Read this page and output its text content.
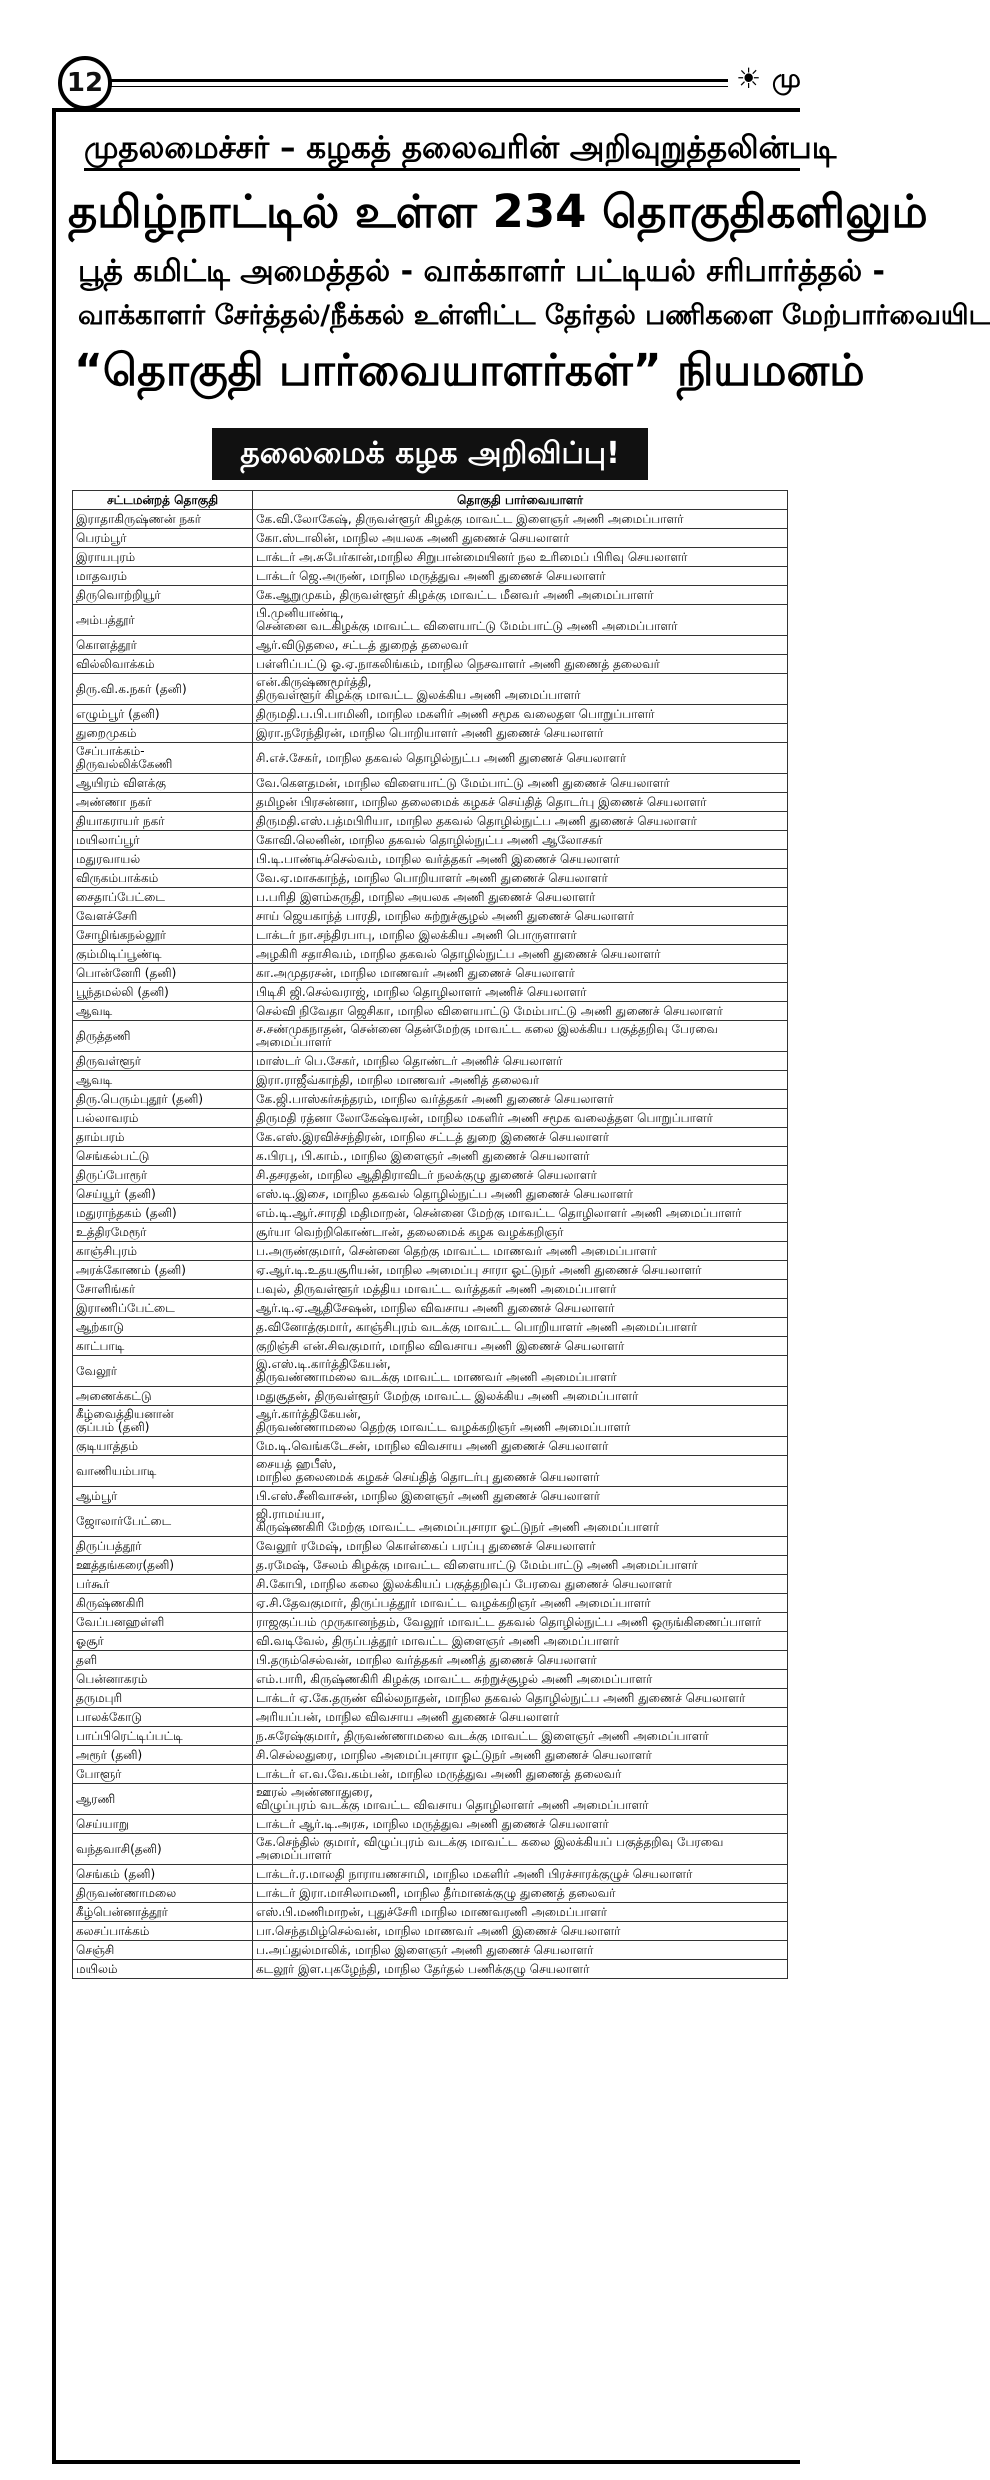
12	☀ மு
முதலமைச்சர் – கழகத் தலைவரின் அறிவுறுத்தலின்படி
தமிழ்நாட்டில் உள்ள 234 தொகுதிகளிலும்
பூத் கமிட்டி அமைத்தல் - வாக்காளர் பட்டியல் சரிபார்த்தல் -
வாக்காளர் சேர்த்தல்/நீக்கல் உள்ளிட்ட தேர்தல் பணிகளை மேற்பார்வையிட
“தொகுதி பார்வையாளர்கள்” நியமனம்
தலைமைக் கழக அறிவிப்பு!
சட்டமன்றத் தொகுதி	தொகுதி பார்வையாளர்
இராதாகிருஷ்ணன் நகர்	கே.வி.லோகேஷ், திருவள்ளூர் கிழக்கு மாவட்ட இளைஞர் அணி அமைப்பாளர்
பெரம்பூர்	கோ.ஸ்டாலின், மாநில அயலக அணி துணைச் செயலாளர்
இராயபுரம்	டாக்டர் அ.சுபேர்கான்,மாநில சிறுபான்மையினர் நல உரிமைப் பிரிவு செயலாளர்
மாதவரம்	டாக்டர் ஜெ.அருண், மாநில மருத்துவ அணி துணைச் செயலாளர்
திருவொற்றியூர்	கே.ஆறுமுகம், திருவள்ளூர் கிழக்கு மாவட்ட மீனவர் அணி அமைப்பாளர்
அம்பத்தூர்	பி.முனியாண்டி,
சென்னை வடகிழக்கு மாவட்ட விளையாட்டு மேம்பாட்டு அணி அமைப்பாளர்
கொளத்தூர்	ஆர்.விடுதலை, சட்டத் துறைத் தலைவர்
வில்லிவாக்கம்	பள்ளிப்பட்டு ஓ.ஏ.நாகலிங்கம், மாநில நெசவாளர் அணி துணைத் தலைவர்
திரு.வி.க.நகர் (தனி)	என்.கிருஷ்ணமூர்த்தி,
திருவள்ளூர் கிழக்கு மாவட்ட இலக்கிய அணி அமைப்பாளர்
எழும்பூர் (தனி)	திருமதி.ப.பி.பாமினி, மாநில மகளிர் அணி சமூக வலைதள பொறுப்பாளர்
துறைமுகம்	இரா.நரேந்திரன், மாநில பொறியாளர் அணி துணைச் செயலாளர்
சேப்பாக்கம்-
திருவல்லிக்கேணி	சி.எச்.சேகர், மாநில தகவல் தொழில்நுட்ப அணி துணைச் செயலாளர்
ஆயிரம் விளக்கு	வே.கௌதமன், மாநில விளையாட்டு மேம்பாட்டு அணி துணைச் செயலாளர்
அண்ணா நகர்	தமிழன் பிரசன்னா, மாநில தலைமைக் கழகச் செய்தித் தொடர்பு இணைச் செயலாளர்
தியாகராயர் நகர்	திருமதி.எஸ்.பத்மபிரியா, மாநில தகவல் தொழில்நுட்ப அணி துணைச் செயலாளர்
மயிலாப்பூர்	கோவி.லெனின், மாநில தகவல் தொழில்நுட்ப அணி ஆலோசகர்
மதுரவாயல்	பி.டி.பாண்டிச்செல்வம், மாநில வர்த்தகர் அணி இணைச் செயலாளர்
விருகம்பாக்கம்	வே.ஏ.மாசுகாந்த், மாநில பொறியாளர் அணி துணைச் செயலாளர்
சைதாப்பேட்டை	ப.பரிதி இளம்சுருதி, மாநில அயலக அணி துணைச் செயலாளர்
வேளச்சேரி	சாய் ஜெயகாந்த் பாரதி, மாநில சுற்றுச்சூழல் அணி துணைச் செயலாளர்
சோழிங்கநல்லூர்	டாக்டர் நா.சந்திரபாபு, மாநில இலக்கிய அணி பொருளாளர்
கும்மிடிப்பூண்டி	அழகிரி சதாசிவம், மாநில தகவல் தொழில்நுட்ப அணி துணைச் செயலாளர்
பொன்னேரி (தனி)	கா.அமுதரசன், மாநில மாணவர் அணி துணைச் செயலாளர்
பூந்தமல்லி (தனி)	பிடிசி ஜி.செல்வராஜ், மாநில தொழிலாளர் அணிச் செயலாளர்
ஆவடி	செல்வி நிவேதா ஜெசிகா, மாநில விளையாட்டு மேம்பாட்டு அணி துணைச் செயலாளர்
திருத்தணி	ச.சண்முகநாதன், சென்னை தென்மேற்கு மாவட்ட கலை இலக்கிய பகுத்தறிவு பேரவை அமைப்பாளர்
திருவள்ளூர்	மாஸ்டர் பெ.சேகர், மாநில தொண்டர் அணிச் செயலாளர்
ஆவடி	இரா.ராஜீவ்காந்தி, மாநில மாணவர் அணித் தலைவர்
திரு.பெரும்புதூர் (தனி)	கே.ஜி.பாஸ்கர்சுந்தரம், மாநில வர்த்தகர் அணி துணைச் செயலாளர்
பல்லாவரம்	திருமதி ரத்னா லோகேஷ்வரன், மாநில மகளிர் அணி சமூக வலைத்தள பொறுப்பாளர்
தாம்பரம்	கே.எஸ்.இரவிச்சந்திரன், மாநில சட்டத் துறை இணைச் செயலாளர்
செங்கல்பட்டு	க.பிரபு, பி.காம்., மாநில இளைஞர் அணி துணைச் செயலாளர்
திருப்போரூர்	சி.தசரதன், மாநில ஆதிதிராவிடர் நலக்குழு துணைச் செயலாளர்
செய்யூர் (தனி)	எஸ்.டி.இசை, மாநில தகவல் தொழில்நுட்ப அணி துணைச் செயலாளர்
மதுராந்தகம் (தனி)	எம்.டி.ஆர்.சாரதி மதிமாறன், சென்னை மேற்கு மாவட்ட தொழிலாளர் அணி அமைப்பாளர்
உத்திரமேரூர்	சூர்யா வெற்றிகொண்டான், தலைமைக் கழக வழக்கறிஞர்
காஞ்சிபுரம்	ப.அருண்குமார், சென்னை தெற்கு மாவட்ட மாணவர் அணி அமைப்பாளர்
அரக்கோணம் (தனி)	ஏ.ஆர்.டி.உதயசூரியன், மாநில அமைப்பு சாரா ஓட்டுநர் அணி துணைச் செயலாளர்
சோளிங்கர்	பவுல், திருவள்ளூர் மத்திய மாவட்ட வர்த்தகர் அணி அமைப்பாளர்
இராணிப்பேட்டை	ஆர்.டி.ஏ.ஆதிசேஷன், மாநில விவசாய அணி துணைச் செயலாளர்
ஆற்காடு	த.வினோத்குமார், காஞ்சிபுரம் வடக்கு மாவட்ட பொறியாளர் அணி அமைப்பாளர்
காட்பாடி	குறிஞ்சி என்.சிவகுமார், மாநில விவசாய அணி இணைச் செயலாளர்
வேலூர்	இ.எஸ்.டி.கார்த்திகேயன்,
திருவண்ணாமலை வடக்கு மாவட்ட மாணவர் அணி அமைப்பாளர்
அணைக்கட்டு	மதுசூதன், திருவள்ளூர் மேற்கு மாவட்ட இலக்கிய அணி அமைப்பாளர்
கீழ்வைத்தியனான்
குப்பம் (தனி)	ஆர்.கார்த்திகேயன்,
திருவண்ணாமலை தெற்கு மாவட்ட வழக்கறிஞர் அணி அமைப்பாளர்
குடியாத்தம்	மே.டி.வெங்கடேசன், மாநில விவசாய அணி துணைச் செயலாளர்
வாணியம்பாடி	சையத் ஹபீஸ்,
மாநில தலைமைக் கழகச் செய்தித் தொடர்பு துணைச் செயலாளர்
ஆம்பூர்	பி.எஸ்.சீனிவாசன், மாநில இளைஞர் அணி துணைச் செயலாளர்
ஜோலார்பேட்டை	ஜி.ராமய்யா,
கிருஷ்ணகிரி மேற்கு மாவட்ட அமைப்புசாரா ஓட்டுநர் அணி அமைப்பாளர்
திருப்பத்தூர்	வேலூர் ரமேஷ், மாநில கொள்கைப் பரப்பு துணைச் செயலாளர்
ஊத்தங்கரை(தனி)	த.ரமேஷ், சேலம் கிழக்கு மாவட்ட விளையாட்டு மேம்பாட்டு அணி அமைப்பாளர்
பர்கூர்	சி.கோபி, மாநில கலை இலக்கியப் பகுத்தறிவுப் பேரவை துணைச் செயலாளர்
கிருஷ்ணகிரி	ஏ.சி.தேவகுமார், திருப்பத்தூர் மாவட்ட வழக்கறிஞர் அணி அமைப்பாளர்
வேப்பனஹள்ளி	ராஜகுப்பம் முருகானந்தம், வேலூர் மாவட்ட தகவல் தொழில்நுட்ப அணி ஒருங்கிணைப்பாளர்
ஓசூர்	வி.வடிவேல், திருப்பத்தூர் மாவட்ட இளைஞர் அணி அமைப்பாளர்
தளி	பி.தரும்செல்வன், மாநில வர்த்தகர் அணித் துணைச் செயலாளர்
பென்னாகரம்	எம்.பாரி, கிருஷ்ணகிரி கிழக்கு மாவட்ட சுற்றுச்சூழல் அணி அமைப்பாளர்
தருமபுரி	டாக்டர் ஏ.கே.தருண் வில்லநாதன், மாநில தகவல் தொழில்நுட்ப அணி துணைச் செயலாளர்
பாலக்கோடு	அரியப்பன், மாநில விவசாய அணி துணைச் செயலாளர்
பாப்பிரெட்டிப்பட்டி	ந.சுரேஷ்குமார், திருவண்ணாமலை வடக்கு மாவட்ட இளைஞர் அணி அமைப்பாளர்
அரூர் (தனி)	சி.செல்லதுரை, மாநில அமைப்புசாரா ஓட்டுநர் அணி துணைச் செயலாளர்
போளூர்	டாக்டர் எ.வ.வே.கம்பன், மாநில மருத்துவ அணி துணைத் தலைவர்
ஆரணி	ஊரல் அண்ணாதுரை,
விழுப்புரம் வடக்கு மாவட்ட விவசாய தொழிலாளர் அணி அமைப்பாளர்
செய்யாறு	டாக்டர் ஆர்.டி.அரசு, மாநில மருத்துவ அணி துணைச் செயலாளர்
வந்தவாசி(தனி)	கே.செந்தில் குமார், விழுப்புரம் வடக்கு மாவட்ட கலை இலக்கியப் பகுத்தறிவு பேரவை அமைப்பாளர்
செங்கம் (தனி)	டாக்டர்.ர.மாலதி நாராயணசாமி, மாநில மகளிர் அணி பிரச்சாரக்குழுச் செயலாளர்
திருவண்ணாமலை	டாக்டர் இரா.மாசிலாமணி, மாநில தீர்மானக்குழு துணைத் தலைவர்
கீழ்பென்னாத்தூர்	எஸ்.பி.மணிமாறன், புதுச்சேரி மாநில மாணவரணி அமைப்பாளர்
கலசப்பாக்கம்	பா.செந்தமிழ்செல்வன், மாநில மாணவர் அணி இணைச் செயலாளர்
செஞ்சி	ப.அப்துல்மாலிக், மாநில இளைஞர் அணி துணைச் செயலாளர்
மயிலம்	கடலூர் இள.புகழேந்தி, மாநில தேர்தல் பணிக்குழு செயலாளர்
